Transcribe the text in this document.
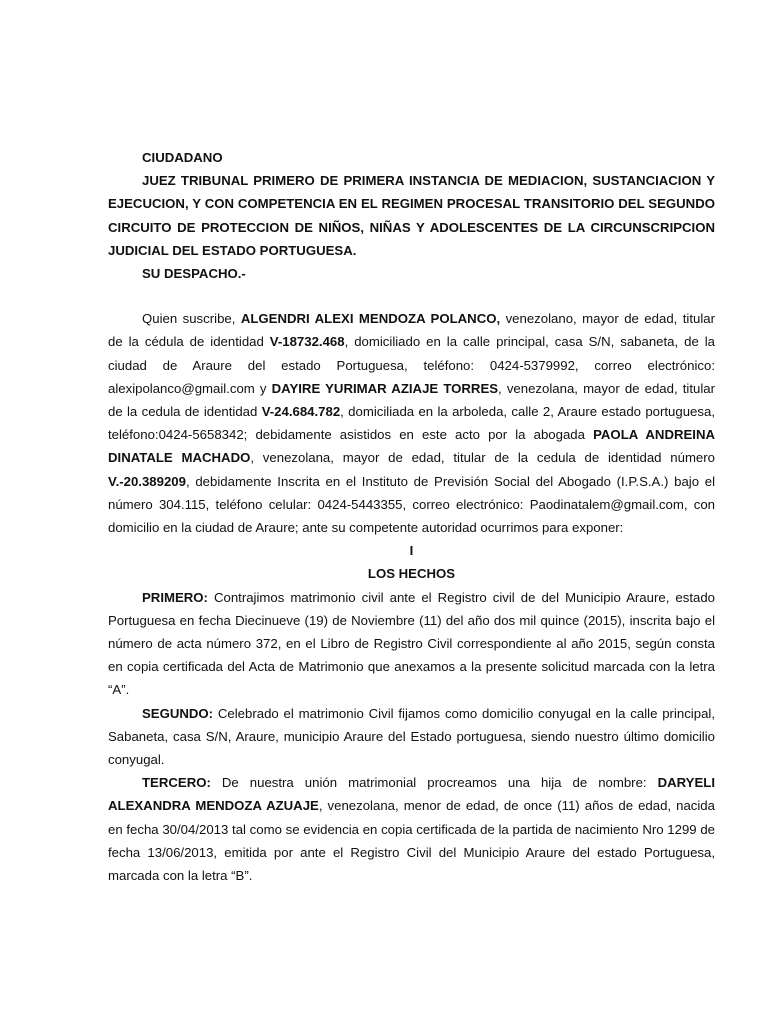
CIUDADANO

JUEZ TRIBUNAL PRIMERO DE PRIMERA INSTANCIA DE MEDIACION, SUSTANCIACION Y EJECUCION, Y CON COMPETENCIA EN EL REGIMEN PROCESAL TRANSITORIO DEL SEGUNDO CIRCUITO DE PROTECCION DE NIÑOS, NIÑAS Y ADOLESCENTES DE LA CIRCUNSCRIPCION JUDICIAL DEL ESTADO PORTUGUESA.

SU DESPACHO.-

Quien suscribe, ALGENDRI ALEXI MENDOZA POLANCO, venezolano, mayor de edad, titular de la cédula de identidad V-18732.468, domiciliado en la calle principal, casa S/N, sabaneta, de la ciudad de Araure del estado Portuguesa, teléfono: 0424-5379992, correo electrónico: alexipolanco@gmail.com y DAYIRE YURIMAR AZIAJE TORRES, venezolana, mayor de edad, titular de la cedula de identidad V-24.684.782, domiciliada en la arboleda, calle 2, Araure estado portuguesa, teléfono:0424-5658342; debidamente asistidos en este acto por la abogada PAOLA ANDREINA DINATALE MACHADO, venezolana, mayor de edad, titular de la cedula de identidad número V.-20.389209, debidamente Inscrita en el Instituto de Previsión Social del Abogado (I.P.S.A.) bajo el número 304.115, teléfono celular: 0424-5443355, correo electrónico: Paodinatalem@gmail.com, con domicilio en la ciudad de Araure; ante su competente autoridad ocurrimos para exponer:

I

LOS HECHOS

PRIMERO: Contrajimos matrimonio civil ante el Registro civil de del Municipio Araure, estado Portuguesa en fecha Diecinueve (19) de Noviembre (11) del año dos mil quince (2015), inscrita bajo el número de acta número 372, en el Libro de Registro Civil correspondiente al año 2015, según consta en copia certificada del Acta de Matrimonio que anexamos a la presente solicitud marcada con la letra “A”.

SEGUNDO: Celebrado el matrimonio Civil fijamos como domicilio conyugal en la calle principal, Sabaneta, casa S/N, Araure, municipio Araure del Estado portuguesa, siendo nuestro último domicilio conyugal.

TERCERO: De nuestra unión matrimonial procreamos una hija de nombre: DARYELI ALEXANDRA MENDOZA AZUAJE, venezolana, menor de edad, de once (11) años de edad, nacida en fecha 30/04/2013 tal como se evidencia en copia certificada de la partida de nacimiento Nro 1299 de fecha 13/06/2013, emitida por ante el Registro Civil del Municipio Araure del estado Portuguesa, marcada con la letra “B”.
